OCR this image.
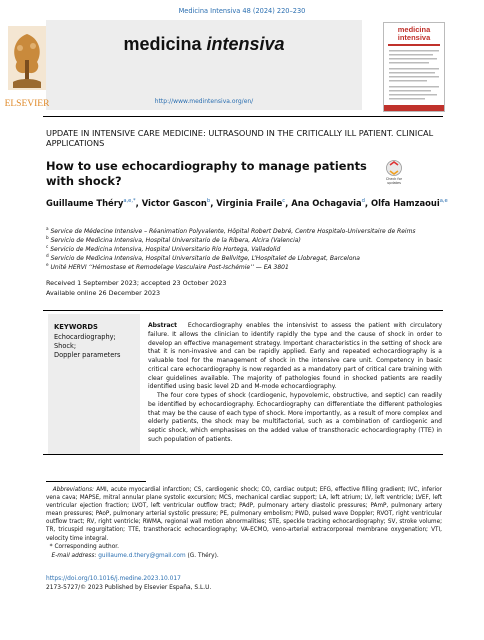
Medicina Intensiva 48 (2024) 220–230
ELSEVIER
medicina intensiva
http://www.medintensiva.org/en/
medicina
intensiva
UPDATE IN INTENSIVE CARE MEDICINE: ULTRASOUND IN THE CRITICALLY ILL PATIENT. CLINICAL APPLICATIONS
How to use echocardiography to manage patients with shock?	Check for
updates
Guillaume Théry$^{a,e,*}$, Victor Gascon$^b$, Virginia Fraile$^c$, Ana Ochagavia$^d$, Olfa Hamzaoui$^{a,e}$
$^a$ Service de Médecine Intensive – Réanimation Polyvalente, Hôpital Robert Debré, Centre Hospitalo-Universitaire de Reims
$^b$ Servicio de Medicina Intensiva, Hospital Universitario de la Ribera, Alcira (Valencia)
$^c$ Servicio de Medicina Intensiva, Hospital Universitario Río Hortega, Valladolid
$^d$ Servicio de Medicina Intensiva, Hospital Universitario de Bellvitge, L’Hospitalet de Llobregat, Barcelona
$^e$ Unité HERVI ‘‘Hémostase et Remodelage Vasculaire Post-Ischémie’’ — EA 3801
Received 1 September 2023; accepted 23 October 2023
Available online 26 December 2023
KEYWORDS
Echocardiography;
Shock;
Doppler parameters

Abstract Echocardiography enables the intensivist to assess the patient with circulatory failure. It allows the clinician to identify rapidly the type and the cause of shock in order to develop an effective management strategy. Important characteristics in the setting of shock are that it is non-invasive and can be rapidly applied. Early and repeated echocardiography is a valuable tool for the management of shock in the intensive care unit. Competency in basic critical care echocardiography is now regarded as a mandatory part of critical care training with clear guidelines available. The majority of pathologies found in shocked patients are readily identified using basic level 2D and M-mode echocardiography.

The four core types of shock (cardiogenic, hypovolemic, obstructive, and septic) can readily be identified by echocardiography. Echocardiography can differentiate the different pathologies that may be the cause of each type of shock. More importantly, as a result of more complex and elderly patients, the shock may be multifactorial, such as a combination of cardiogenic and septic shock, which emphasises on the added value of transthoracic echocardiography (TTE) in such population of patients.

Abbreviations: AMI, acute myocardial infarction; CS, cardiogenic shock; CO, cardiac output; EFG, effective filling gradient; IVC, inferior vena cava; MAPSE, mitral annular plane systolic excursion; MCS, mechanical cardiac support; LA, left atrium; LV, left ventricle; LVEF, left ventricular ejection fraction; LVOT, left ventricular outflow tract; PAdP, pulmonary artery diastolic pressures; PAmP, pulmonary artery mean pressures; PAoP, pulmonary arterial systolic pressure; PE, pulmonary embolism; PWD, pulsed wave Doppler; RVOT, right ventricular outflow tract; RV, right ventricle; RWMA, regional wall motion abnormalities; STE, speckle tracking echocardiography; SV, stroke volume; TR, tricuspid regurgitation; TTE, transthoracic echocardiography; VA-ECMO, veno-arterial extracorporeal membrane oxygenation; VTI, velocity time integral.
* Corresponding author.
E-mail address: guillaume.d.thery@gmail.com (G. Théry).
https://doi.org/10.1016/j.medine.2023.10.017
2173-5727/© 2023 Published by Elsevier España, S.L.U.
